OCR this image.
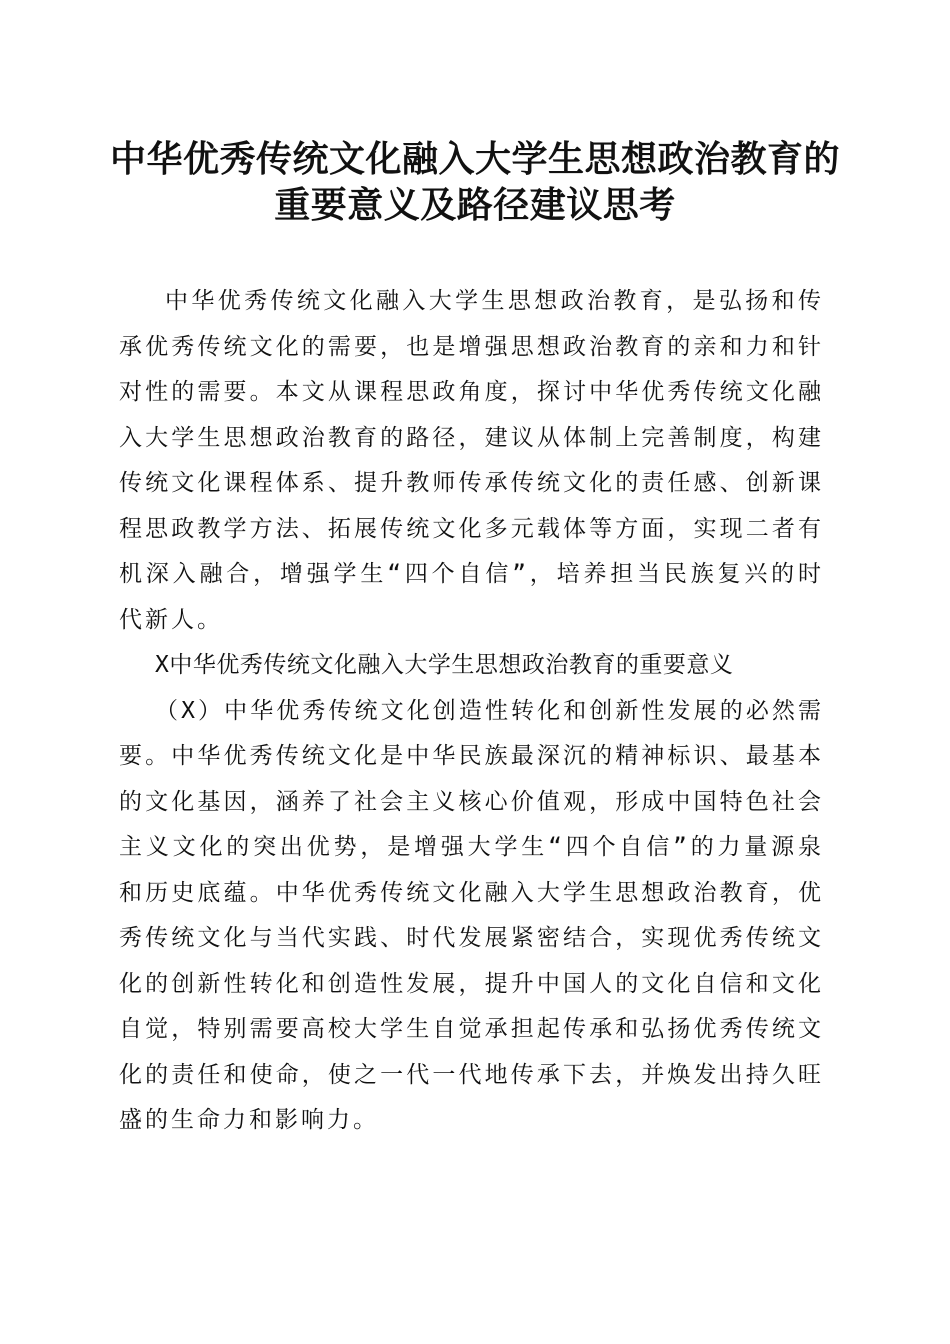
中华优秀传统文化融入大学生思想政治教育的
重要意义及路径建议思考

中华优秀传统文化融入大学生思想政治教育，是弘扬和传承优秀传统文化的需要，也是增强思想政治教育的亲和力和针对性的需要。本文从课程思政角度，探讨中华优秀传统文化融入大学生思想政治教育的路径，建议从体制上完善制度，构建传统文化课程体系、提升教师传承传统文化的责任感、创新课程思政教学方法、拓展传统文化多元载体等方面，实现二者有机深入融合，增强学生“四个自信”，培养担当民族复兴的时代新人。

X中华优秀传统文化融入大学生思想政治教育的重要意义

（X）中华优秀传统文化创造性转化和创新性发展的必然需要。中华优秀传统文化是中华民族最深沉的精神标识、最基本的文化基因，涵养了社会主义核心价值观，形成中国特色社会主义文化的突出优势，是增强大学生“四个自信”的力量源泉和历史底蕴。中华优秀传统文化融入大学生思想政治教育，优秀传统文化与当代实践、时代发展紧密结合，实现优秀传统文化的创新性转化和创造性发展，提升中国人的文化自信和文化自觉，特别需要高校大学生自觉承担起传承和弘扬优秀传统文化的责任和使命，使之一代一代地传承下去，并焕发出持久旺盛的生命力和影响力。
